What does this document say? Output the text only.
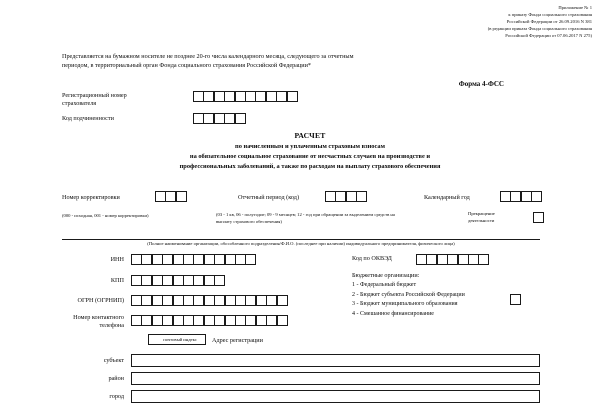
Приложение № 1
к приказу Фонда социального страхования
Российской Федерации от 26.09.2016 N 381
(в редакции приказа Фонда социального страхования
Российской Федерации от 07.06.2017 N 275)
Представляется на бумажном носителе не позднее 20-го числа календарного месяца, следующего за отчетным периодом, в территориальный орган Фонда социального страхования Российской Федерации*
Форма 4-ФСС
Регистрационный номер
страхователя
Код подчиненности
РАСЧЕТ
по начисленным и уплаченным страховым взносам
на обязательное социальное страхование от несчастных случаев на производстве и
профессиональных заболеваний, а также по расходам на выплату страхового обеспечения
Номер корректировки
(000 - исходная, 001 - номер корректировки)
Отчетный период (код)
(03 - 1 кв, 06 - полугодие; 09 - 9 месяцев; 12 - год при обращении за выделением средств на выплату страхового обеспечения)
Календарный год
Прекращение
деятельности
(Полное наименование организации, обособленного подразделения/Ф.И.О. (последнее при наличии) индивидуального предпринимателя, физического лица)
ИНН	Код по ОКВЭД
КПП
Бюджетные организации:
1 - Федеральный бюджет
2 - Бюджет субъекта Российской Федерации
3 - Бюджет муниципального образования
4 - Смешанное финансирование
ОГРН (ОГРНИП)
Номер контактного
телефона
почтовый индекс	Адрес регистрации
субъект
район
город
